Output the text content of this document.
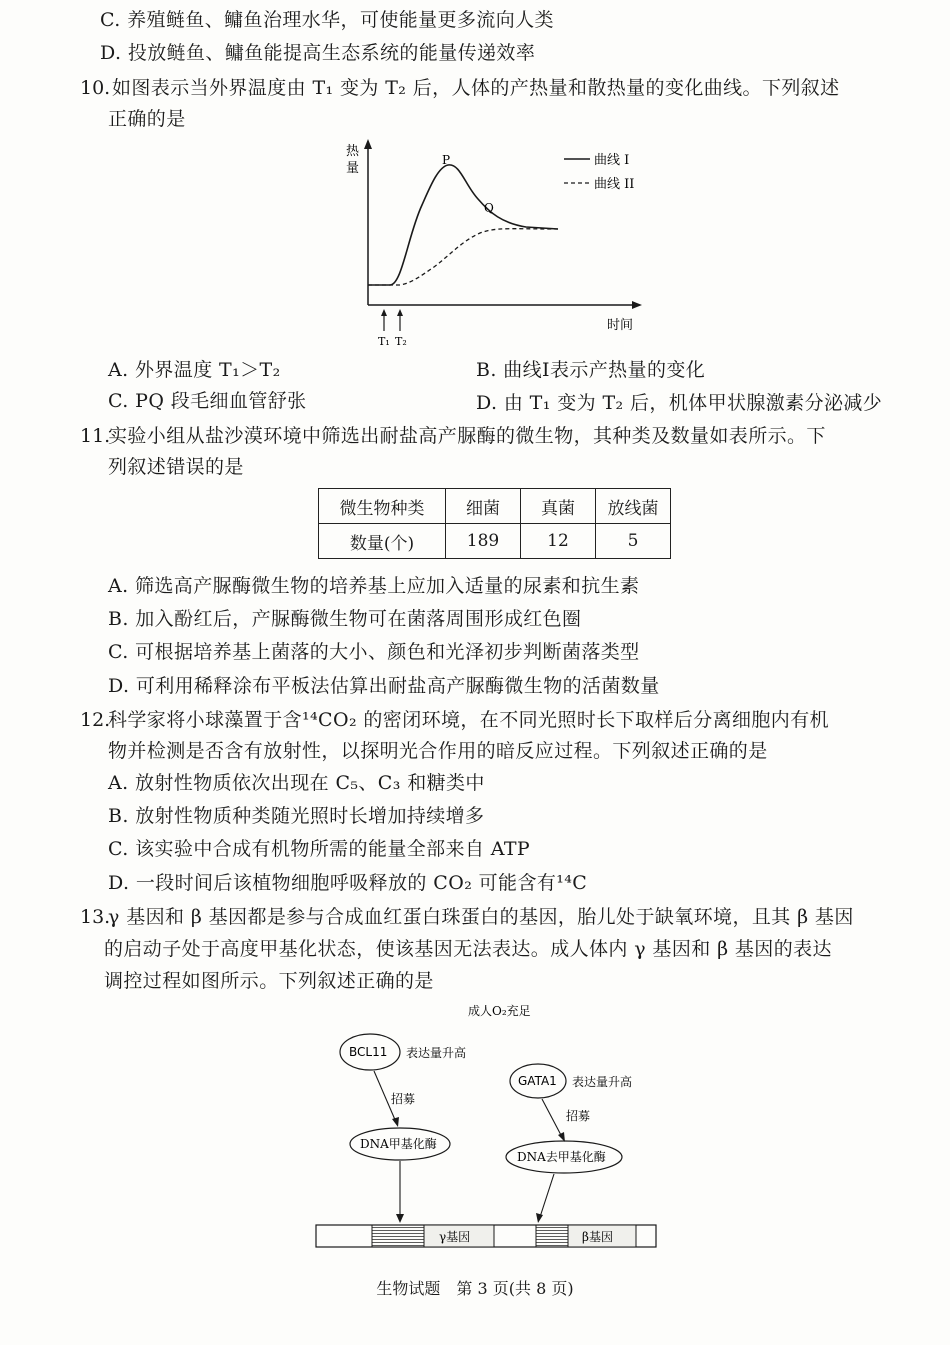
C. 养殖鲢鱼、鳙鱼治理水华，可使能量更多流向人类
D. 投放鲢鱼、鳙鱼能提高生态系统的能量传递效率
10. 如图表示当外界温度由 T₁ 变为 T₂ 后，人体的产热量和散热量的变化曲线。下列叙述
正确的是
热
量
P
Q
曲线 I
曲线 II
时间
T₁ T₂
A. 外界温度 T₁＞T₂	B. 曲线Ⅰ表示产热量的变化
C. PQ 段毛细血管舒张	D. 由 T₁ 变为 T₂ 后，机体甲状腺激素分泌减少
11.
实验小组从盐沙漠环境中筛选出耐盐高产脲酶的微生物，其种类及数量如表所示。下
列叙述错误的是
微生物种类	细菌	真菌	放线菌
数量(个)	189	12	5
A. 筛选高产脲酶微生物的培养基上应加入适量的尿素和抗生素
B. 加入酚红后，产脲酶微生物可在菌落周围形成红色圈
C. 可根据培养基上菌落的大小、颜色和光泽初步判断菌落类型
D. 可利用稀释涂布平板法估算出耐盐高产脲酶微生物的活菌数量
12.
科学家将小球藻置于含¹⁴CO₂ 的密闭环境，在不同光照时长下取样后分离细胞内有机
物并检测是否含有放射性，以探明光合作用的暗反应过程。下列叙述正确的是
A. 放射性物质依次出现在 C₅、C₃ 和糖类中
B. 放射性物质种类随光照时长增加持续增多
C. 该实验中合成有机物所需的能量全部来自 ATP
D. 一段时间后该植物细胞呼吸释放的 CO₂ 可能含有¹⁴C
13.
γ 基因和 β 基因都是参与合成血红蛋白珠蛋白的基因，胎儿处于缺氧环境，且其 β 基因
的启动子处于高度甲基化状态，使该基因无法表达。成人体内 γ 基因和 β 基因的表达
调控过程如图所示。下列叙述正确的是
成人O₂充足
BCL11 表达量升高
招募
DNA甲基化酶
GATA1 表达量升高
招募
DNA去甲基化酶
γ基因	β基因
生物试题　第 3 页(共 8 页)
